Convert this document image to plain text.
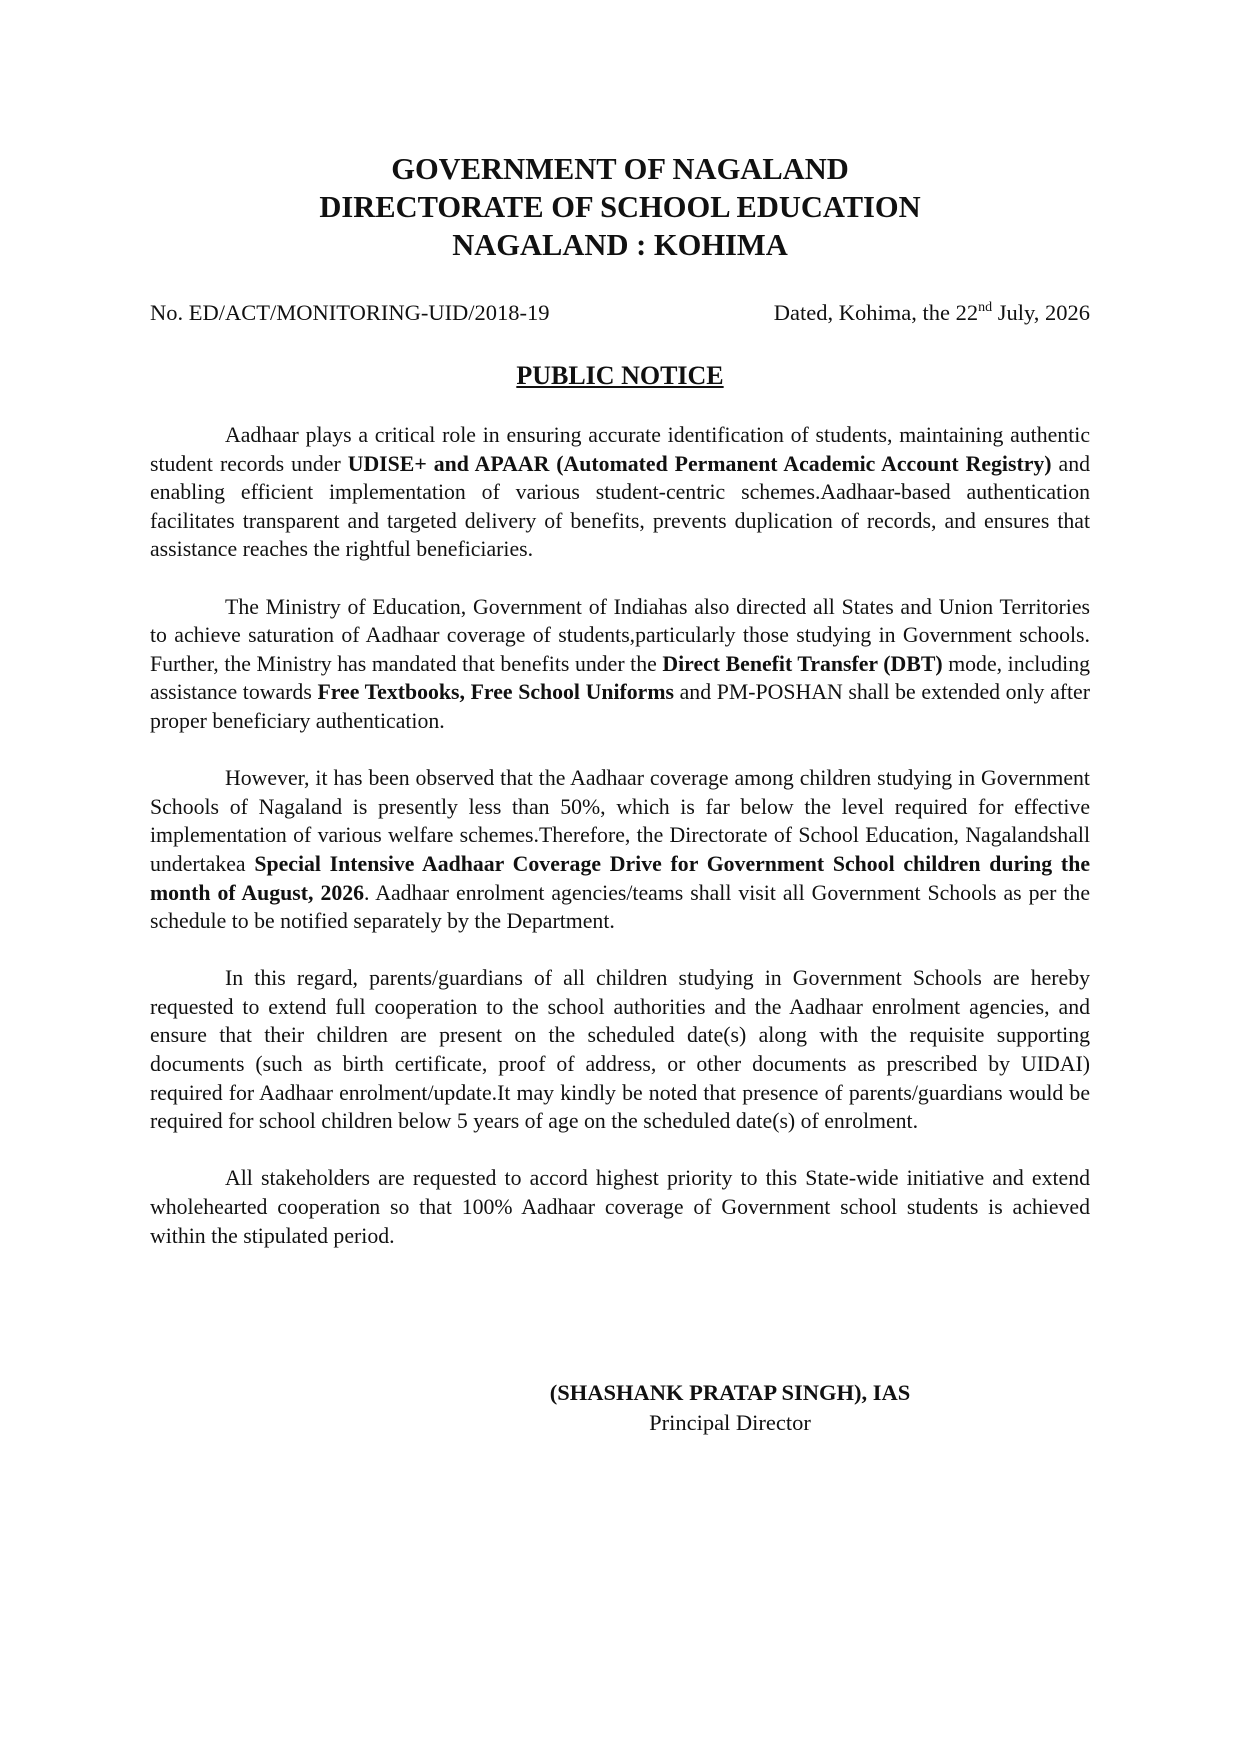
GOVERNMENT OF NAGALAND
DIRECTORATE OF SCHOOL EDUCATION
NAGALAND : KOHIMA
No. ED/ACT/MONITORING-UID/2018-19	Dated, Kohima, the 22nd July, 2026
PUBLIC NOTICE

Aadhaar plays a critical role in ensuring accurate identification of students, maintaining authentic student records under UDISE+ and APAAR (Automated Permanent Academic Account Registry) and enabling efficient implementation of various student-centric schemes.Aadhaar-based authentication facilitates transparent and targeted delivery of benefits, prevents duplication of records, and ensures that assistance reaches the rightful beneficiaries.

The Ministry of Education, Government of Indiahas also directed all States and Union Territories to achieve saturation of Aadhaar coverage of students,particularly those studying in Government schools. Further, the Ministry has mandated that benefits under the Direct Benefit Transfer (DBT) mode, including assistance towards Free Textbooks, Free School Uniforms and PM-POSHAN shall be extended only after proper beneficiary authentication.

However, it has been observed that the Aadhaar coverage among children studying in Government Schools of Nagaland is presently less than 50%, which is far below the level required for effective implementation of various welfare schemes.Therefore, the Directorate of School Education, Nagalandshall undertakea Special Intensive Aadhaar Coverage Drive for Government School children during the month of August, 2026. Aadhaar enrolment agencies/teams shall visit all Government Schools as per the schedule to be notified separately by the Department.

In this regard, parents/guardians of all children studying in Government Schools are hereby requested to extend full cooperation to the school authorities and the Aadhaar enrolment agencies, and ensure that their children are present on the scheduled date(s) along with the requisite supporting documents (such as birth certificate, proof of address, or other documents as prescribed by UIDAI) required for Aadhaar enrolment/update.It may kindly be noted that presence of parents/guardians would be required for school children below 5 years of age on the scheduled date(s) of enrolment.

All stakeholders are requested to accord highest priority to this State-wide initiative and extend wholehearted cooperation so that 100% Aadhaar coverage of Government school students is achieved within the stipulated period.

(SHASHANK PRATAP SINGH), IAS
Principal Director
